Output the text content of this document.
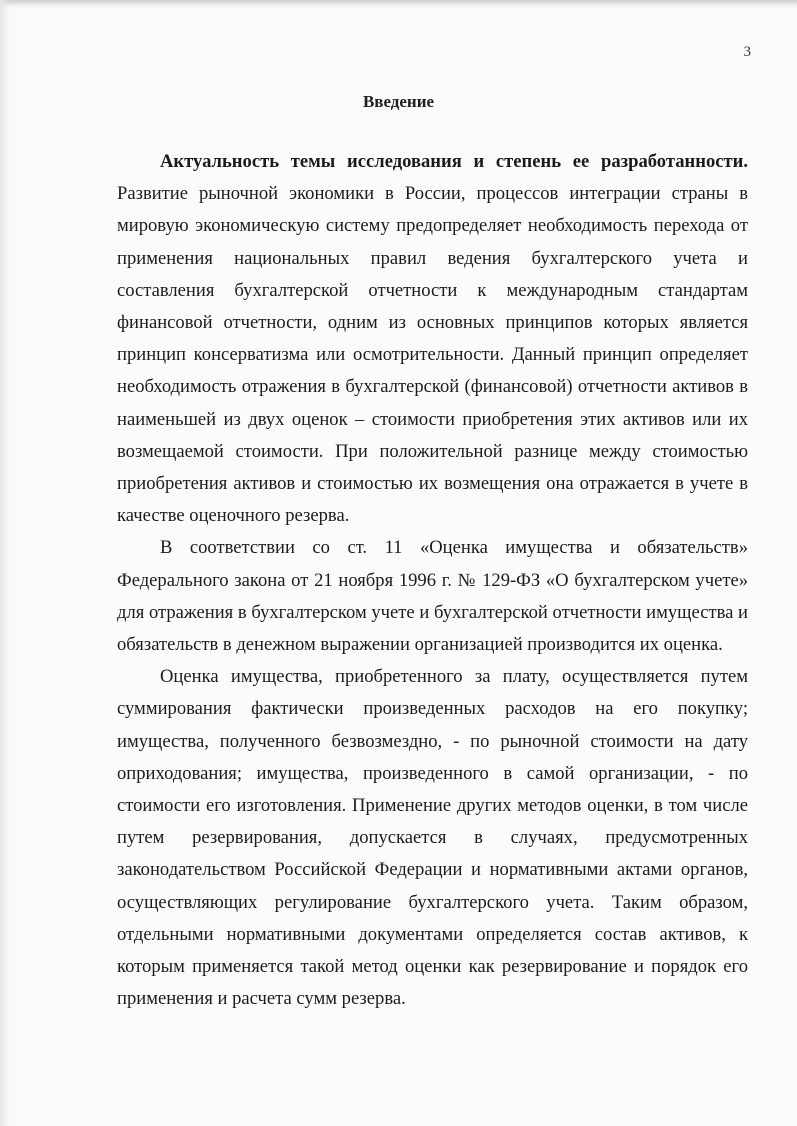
3
Введение

Актуальность темы исследования и степень ее разработанности. Развитие рыночной экономики в России, процессов интеграции страны в мировую экономическую систему предопределяет необходимость перехода от применения национальных правил ведения бухгалтерского учета и составления бухгалтерской отчетности к международным стандартам финансовой отчетности, одним из основных принципов которых является принцип консерватизма или осмотрительности. Данный принцип определяет необходимость отражения в бухгалтерской (финансовой) отчетности активов в наименьшей из двух оценок – стоимости приобретения этих активов или их возмещаемой стоимости. При положительной разнице между стоимостью приобретения активов и стоимостью их возмещения она отражается в учете в качестве оценочного резерва.

В соответствии со ст. 11 «Оценка имущества и обязательств» Федерального закона от 21 ноября 1996 г. № 129-ФЗ «О бухгалтерском учете» для отражения в бухгалтерском учете и бухгалтерской отчетности имущества и обязательств в денежном выражении организацией производится их оценка.

Оценка имущества, приобретенного за плату, осуществляется путем суммирования фактически произведенных расходов на его покупку; имущества, полученного безвозмездно, - по рыночной стоимости на дату оприходования; имущества, произведенного в самой организации, - по стоимости его изготовления. Применение других методов оценки, в том числе путем резервирования, допускается в случаях, предусмотренных законодательством Российской Федерации и нормативными актами органов, осуществляющих регулирование бухгалтерского учета. Таким образом, отдельными нормативными документами определяется состав активов, к которым применяется такой метод оценки как резервирование и порядок его применения и расчета сумм резерва.
